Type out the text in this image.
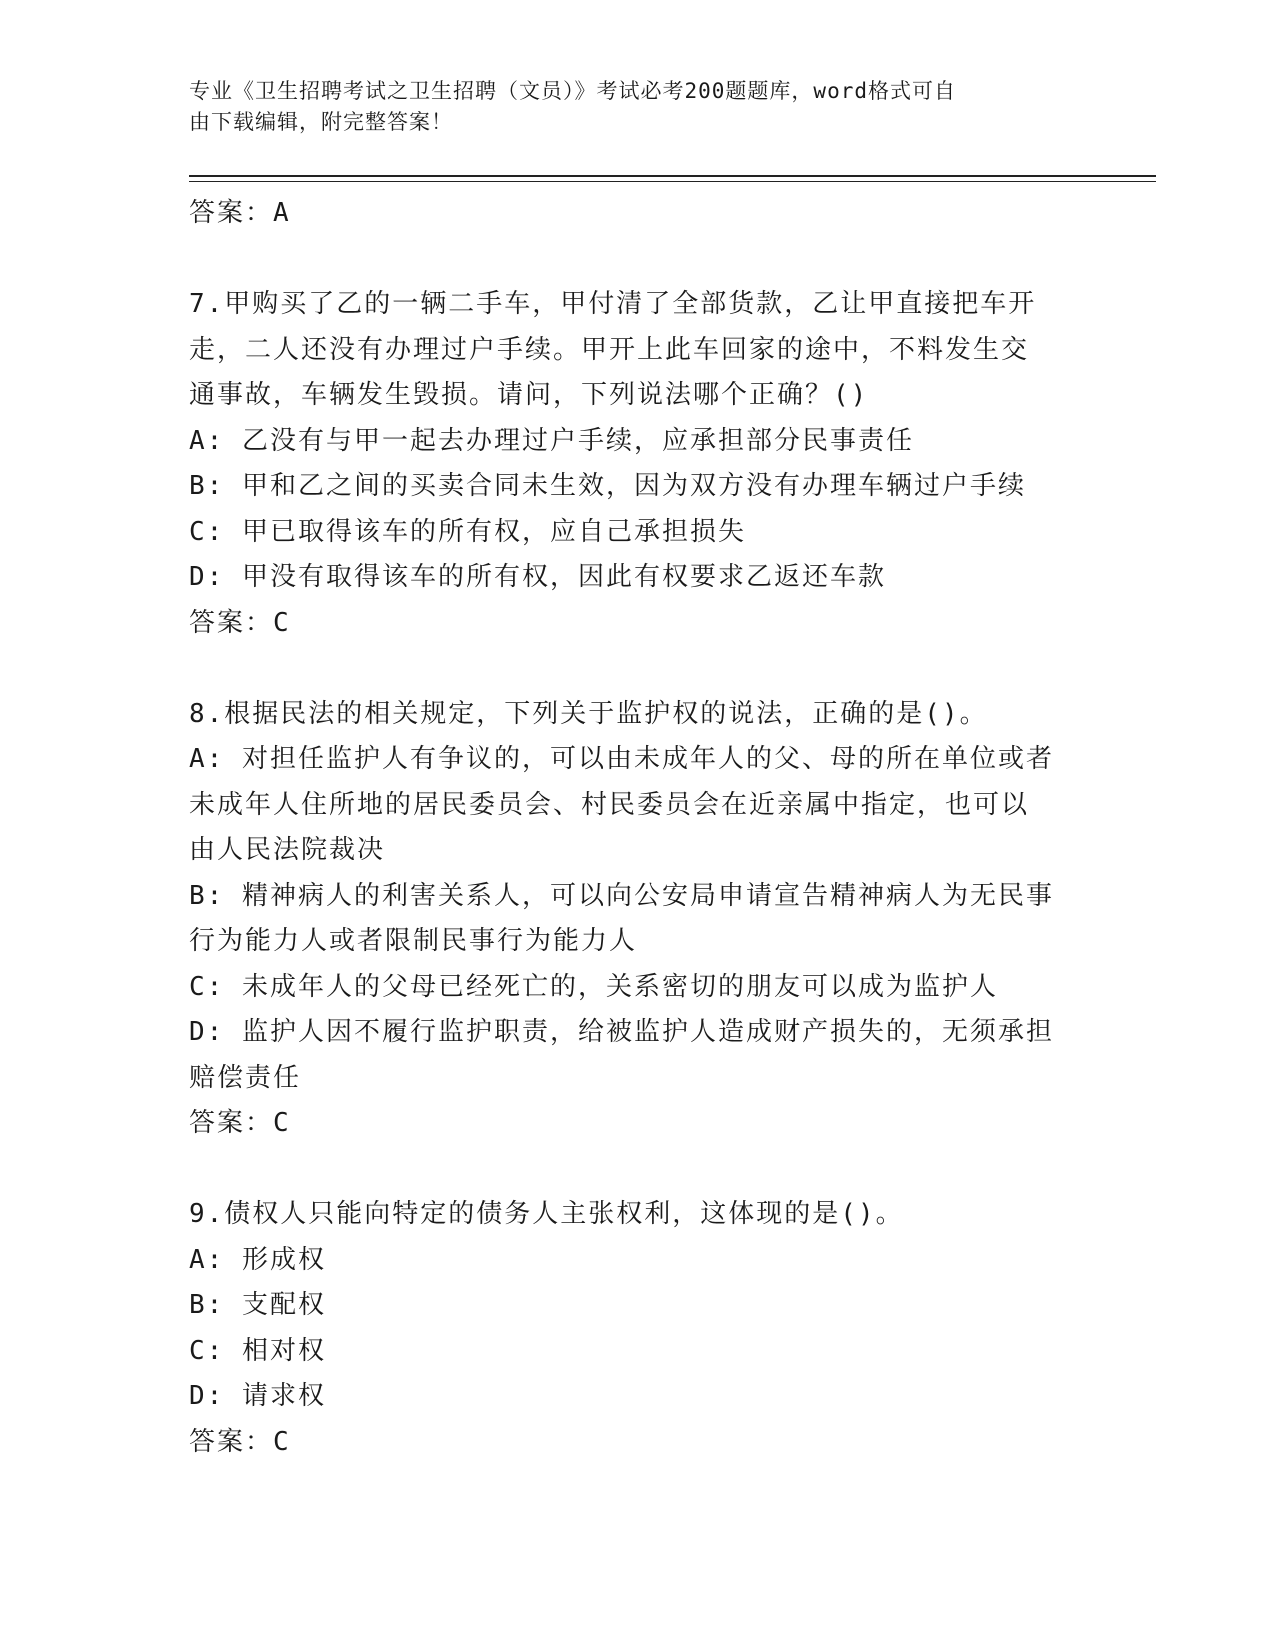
专业《卫生招聘考试之卫生招聘（文员）》考试必考200题题库，word格式可自
由下载编辑，附完整答案！
答案：A
7.甲购买了乙的一辆二手车，甲付清了全部货款，乙让甲直接把车开
走，二人还没有办理过户手续。甲开上此车回家的途中，不料发生交
通事故，车辆发生毁损。请问，下列说法哪个正确？()
A: 乙没有与甲一起去办理过户手续，应承担部分民事责任
B: 甲和乙之间的买卖合同未生效，因为双方没有办理车辆过户手续
C: 甲已取得该车的所有权，应自己承担损失
D: 甲没有取得该车的所有权，因此有权要求乙返还车款
答案：C
8.根据民法的相关规定，下列关于监护权的说法，正确的是()。
A: 对担任监护人有争议的，可以由未成年人的父、母的所在单位或者
未成年人住所地的居民委员会、村民委员会在近亲属中指定，也可以
由人民法院裁决
B: 精神病人的利害关系人，可以向公安局申请宣告精神病人为无民事
行为能力人或者限制民事行为能力人
C: 未成年人的父母已经死亡的，关系密切的朋友可以成为监护人
D: 监护人因不履行监护职责，给被监护人造成财产损失的，无须承担
赔偿责任
答案：C
9.债权人只能向特定的债务人主张权利，这体现的是()。
A: 形成权
B: 支配权
C: 相对权
D: 请求权
答案：C
